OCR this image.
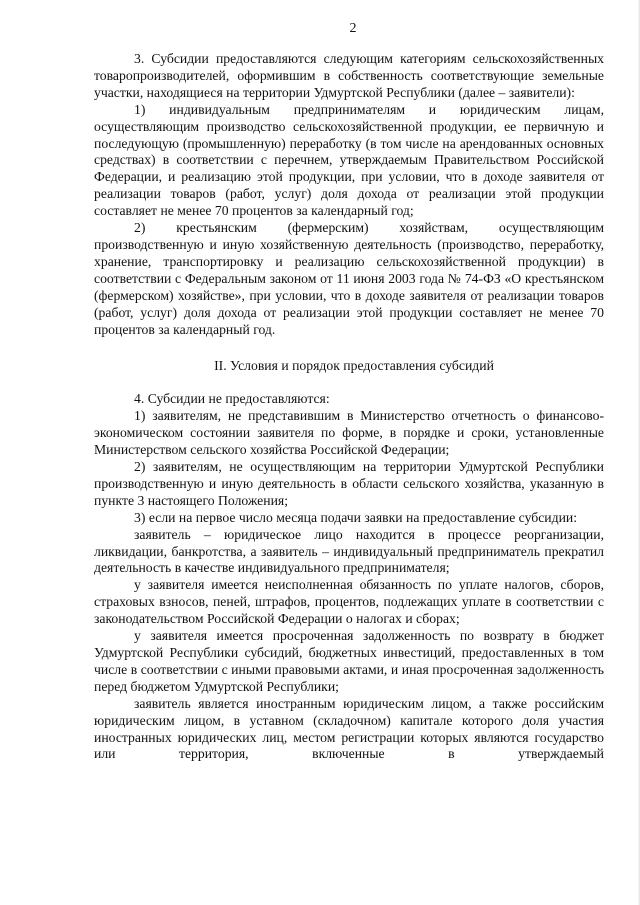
2

3. Субсидии предоставляются следующим категориям сельскохозяйственных товаропроизводителей, оформившим в собственность соответствующие земельные участки, находящиеся на территории Удмуртской Республики (далее – заявители):

1) индивидуальным предпринимателям и юридическим лицам, осуществляющим производство сельскохозяйственной продукции, ее первичную и последующую (промышленную) переработку (в том числе на арендованных основных средствах) в соответствии с перечнем, утверждаемым Правительством Российской Федерации, и реализацию этой продукции, при условии, что в доходе заявителя от реализации товаров (работ, услуг) доля дохода от реализации этой продукции составляет не менее 70 процентов за календарный год;

2) крестьянским (фермерским) хозяйствам, осуществляющим производственную и иную хозяйственную деятельность (производство, переработку, хранение, транспортировку и реализацию сельскохозяйственной продукции) в соответствии с Федеральным законом от 11 июня 2003 года № 74-ФЗ «О крестьянском (фермерском) хозяйстве», при условии, что в доходе заявителя от реализации товаров (работ, услуг) доля дохода от реализации этой продукции составляет не менее 70 процентов за календарный год.

II. Условия и порядок предоставления субсидий

4. Субсидии не предоставляются:

1) заявителям, не представившим в Министерство отчетность о финансово-экономическом состоянии заявителя по форме, в порядке и сроки, установленные Министерством сельского хозяйства Российской Федерации;

2) заявителям, не осуществляющим на территории Удмуртской Республики производственную и иную деятельность в области сельского хозяйства, указанную в пункте 3 настоящего Положения;

3) если на первое число месяца подачи заявки на предоставление субсидии:

заявитель – юридическое лицо находится в процессе реорганизации, ликвидации, банкротства, а заявитель – индивидуальный предприниматель прекратил деятельность в качестве индивидуального предпринимателя;

у заявителя имеется неисполненная обязанность по уплате налогов, сборов, страховых взносов, пеней, штрафов, процентов, подлежащих уплате в соответствии с законодательством Российской Федерации о налогах и сборах;

у заявителя имеется просроченная задолженность по возврату в бюджет Удмуртской Республики субсидий, бюджетных инвестиций, предоставленных в том числе в соответствии с иными правовыми актами, и иная просроченная задолженность перед бюджетом Удмуртской Республики;

заявитель является иностранным юридическим лицом, а также российским юридическим лицом, в уставном (складочном) капитале которого доля участия иностранных юридических лиц, местом регистрации которых являются государство или территория, включенные в утверждаемый
